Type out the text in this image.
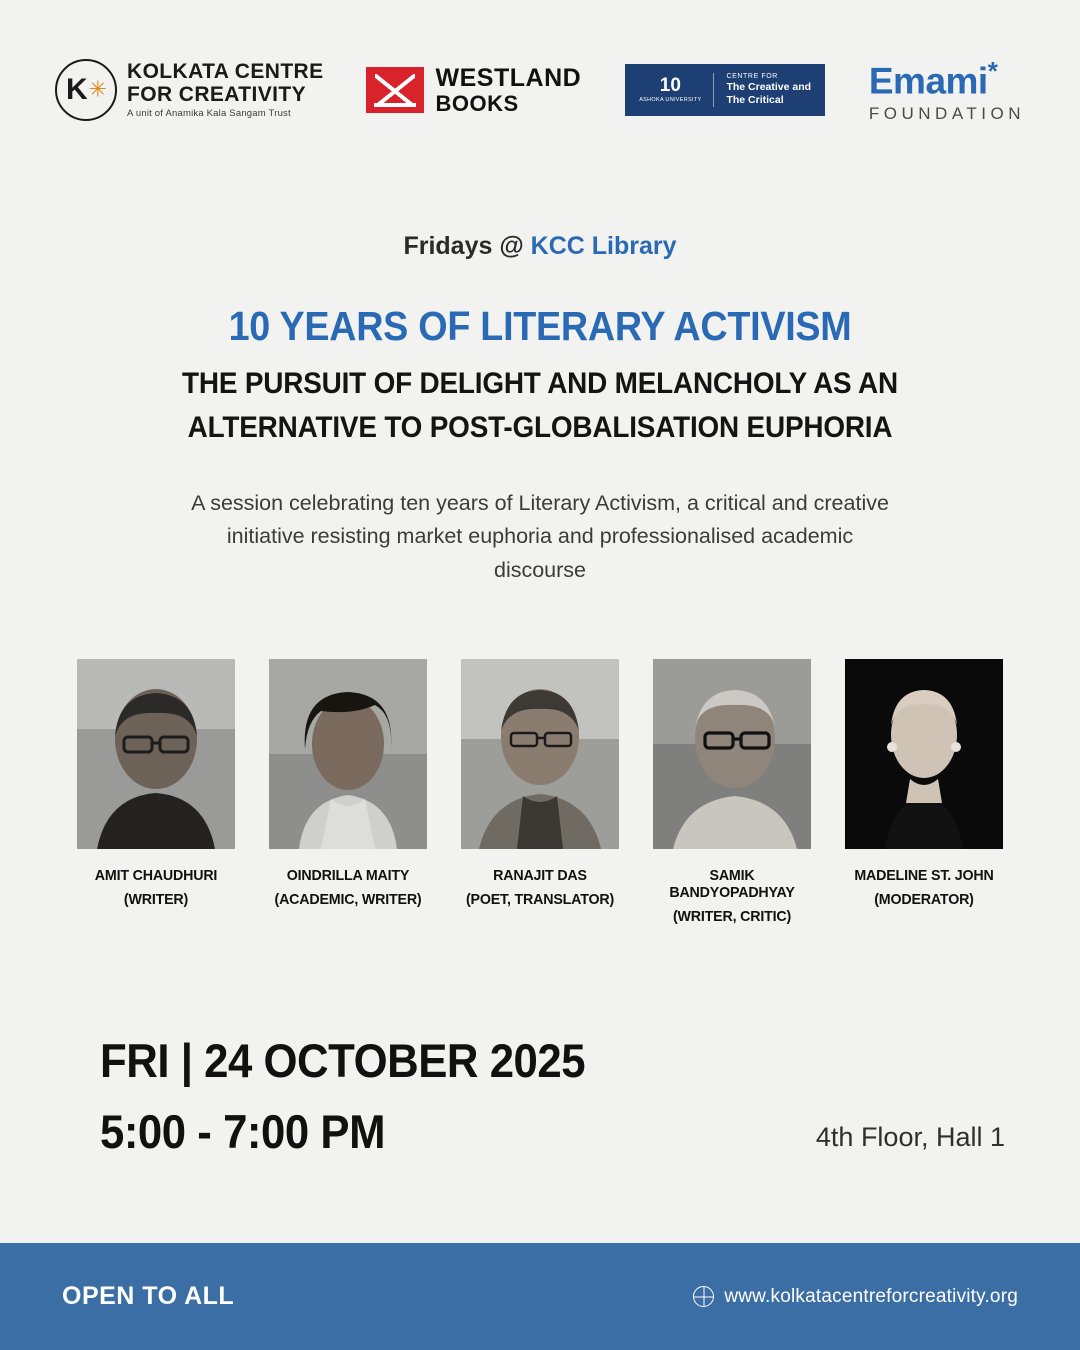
K ✳
KOLKATA CENTRE
FOR CREATIVITY
A unit of Anamika Kala Sangam Trust
WESTLAND
BOOKS
10
ASHOKA UNIVERSITY
CENTRE FOR
The Creative and
The Critical	Emami*
FOUNDATION
Fridays @ KCC Library
10 YEARS OF LITERARY ACTIVISM
THE PURSUIT OF DELIGHT AND MELANCHOLY AS AN
ALTERNATIVE TO POST-GLOBALISATION EUPHORIA
A session celebrating ten years of Literary Activism, a critical and creative initiative resisting market euphoria and professionalised academic discourse
AMIT CHAUDHURI
(WRITER)
OINDRILLA MAITY
(ACADEMIC, WRITER)
RANAJIT DAS
(POET, TRANSLATOR)
SAMIK BANDYOPADHYAY
(WRITER, CRITIC)
MADELINE ST. JOHN
(MODERATOR)
FRI | 24 OCTOBER 2025
5:00 - 7:00 PM	4th Floor, Hall 1
OPEN TO ALL	www.kolkatacentreforcreativity.org
